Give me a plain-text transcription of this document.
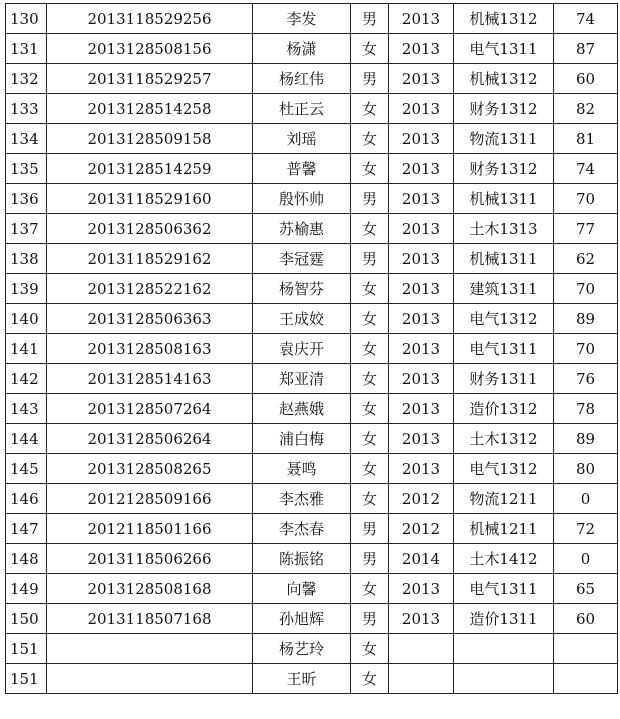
130	2013118529256	李发	男	2013	机械1312	74
131	2013128508156	杨潇	女	2013	电气1311	87
132	2013118529257	杨红伟	男	2013	机械1312	60
133	2013128514258	杜正云	女	2013	财务1312	82
134	2013128509158	刘瑶	女	2013	物流1311	81
135	2013128514259	普馨	女	2013	财务1312	74
136	2013118529160	殷怀帅	男	2013	机械1311	70
137	2013128506362	苏榆惠	女	2013	土木1313	77
138	2013118529162	李冠霆	男	2013	机械1311	62
139	2013128522162	杨智芬	女	2013	建筑1311	70
140	2013128506363	王成姣	女	2013	电气1312	89
141	2013128508163	袁庆开	女	2013	电气1311	70
142	2013128514163	郑亚清	女	2013	财务1311	76
143	2013128507264	赵燕娥	女	2013	造价1312	78
144	2013128506264	浦白梅	女	2013	土木1312	89
145	2013128508265	聂鸣	女	2013	电气1312	80
146	2012128509166	李杰雅	女	2012	物流1211	0
147	2012118501166	李杰春	男	2012	机械1211	72
148	2013118506266	陈振铭	男	2014	土木1412	0
149	2013128508168	向馨	女	2013	电气1311	65
150	2013118507168	孙旭辉	男	2013	造价1311	60
151		杨艺玲	女			
151		王昕	女			
